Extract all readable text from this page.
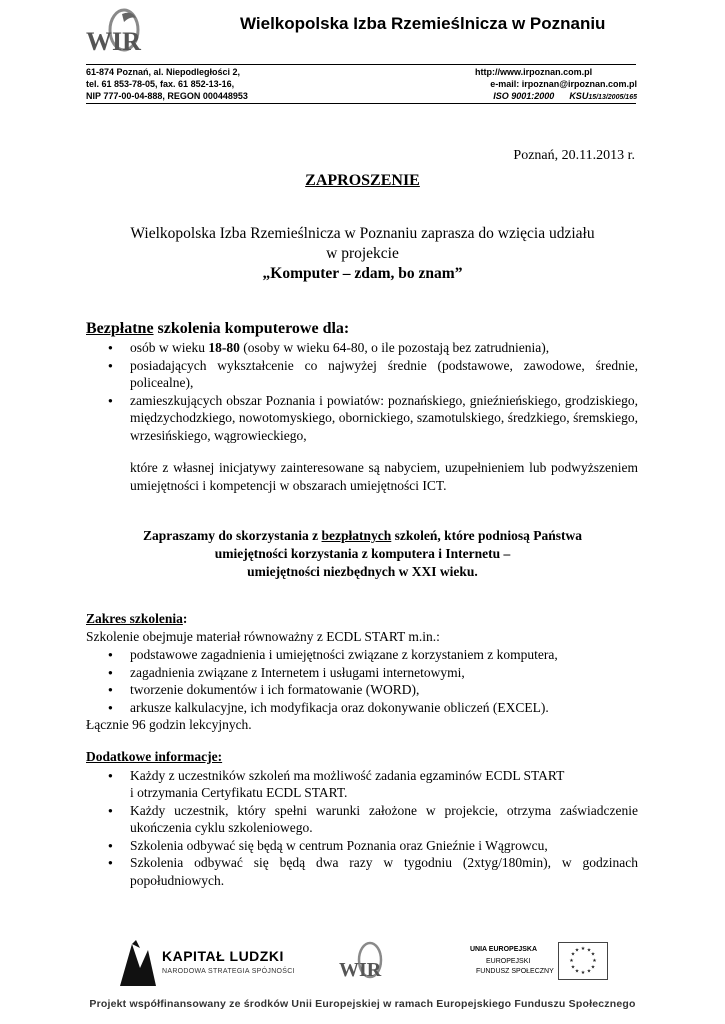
WIR
Wielkopolska Izba Rzemieślnicza w Poznaniu
61-874 Poznań, al. Niepodległości 2,
tel. 61 853-78-05, fax. 61 852-13-16,
NIP 777-00-04-888, REGON 000448953
http://www.irpoznan.com.pl
e-mail: irpoznan@irpoznan.com.pl
ISO 9001:2000 KSU15/13/2005/165
Poznań, 20.11.2013 r.
ZAPROSZENIE
Wielkopolska Izba Rzemieślnicza w Poznaniu zaprasza do wzięcia udziału
w projekcie
„Komputer – zdam, bo znam”
Bezpłatne szkolenia komputerowe dla:
● osób w wieku 18-80 (osoby w wieku 64-80, o ile pozostają bez zatrudnienia),
● posiadających wykształcenie co najwyżej średnie (podstawowe, zawodowe, średnie, policealne),
● zamieszkujących obszar Poznania i powiatów: poznańskiego, gnieźnieńskiego, grodziskiego, międzychodzkiego, nowotomyskiego, obornickiego, szamotulskiego, średzkiego, śremskiego, wrzesińskiego, wągrowieckiego,
które z własnej inicjatywy zainteresowane są nabyciem, uzupełnieniem lub podwyższeniem umiejętności i kompetencji w obszarach umiejętności ICT.
Zapraszamy do skorzystania z bezpłatnych szkoleń, które podniosą Państwa
umiejętności korzystania z komputera i Internetu –
umiejętności niezbędnych w XXI wieku.
Zakres szkolenia:
Szkolenie obejmuje materiał równoważny z ECDL START m.in.:
● podstawowe zagadnienia i umiejętności związane z korzystaniem z komputera,
● zagadnienia związane z Internetem i usługami internetowymi,
● tworzenie dokumentów i ich formatowanie (WORD),
● arkusze kalkulacyjne, ich modyfikacja oraz dokonywanie obliczeń (EXCEL).
Łącznie 96 godzin lekcyjnych.
Dodatkowe informacje:
● Każdy z uczestników szkoleń ma możliwość zadania egzaminów ECDL START
i otrzymania Certyfikatu ECDL START.
● Każdy uczestnik, który spełni warunki założone w projekcie, otrzyma zaświadczenie ukończenia cyklu szkoleniowego.
● Szkolenia odbywać się będą w centrum Poznania oraz Gnieźnie i Wągrowcu,
● Szkolenia odbywać się będą dwa razy w tygodniu (2xtyg/180min), w godzinach popołudniowych.
KAPITAŁ LUDZKI
NARODOWA STRATEGIA SPÓJNOŚCI WIR
UNIA EUROPEJSKA
EUROPEJSKI
FUNDUSZ SPOŁECZNY
★ ★
★
★
★
★
★
★
★
★
★
★
Projekt współfinansowany ze środków Unii Europejskiej w ramach Europejskiego Funduszu Społecznego
